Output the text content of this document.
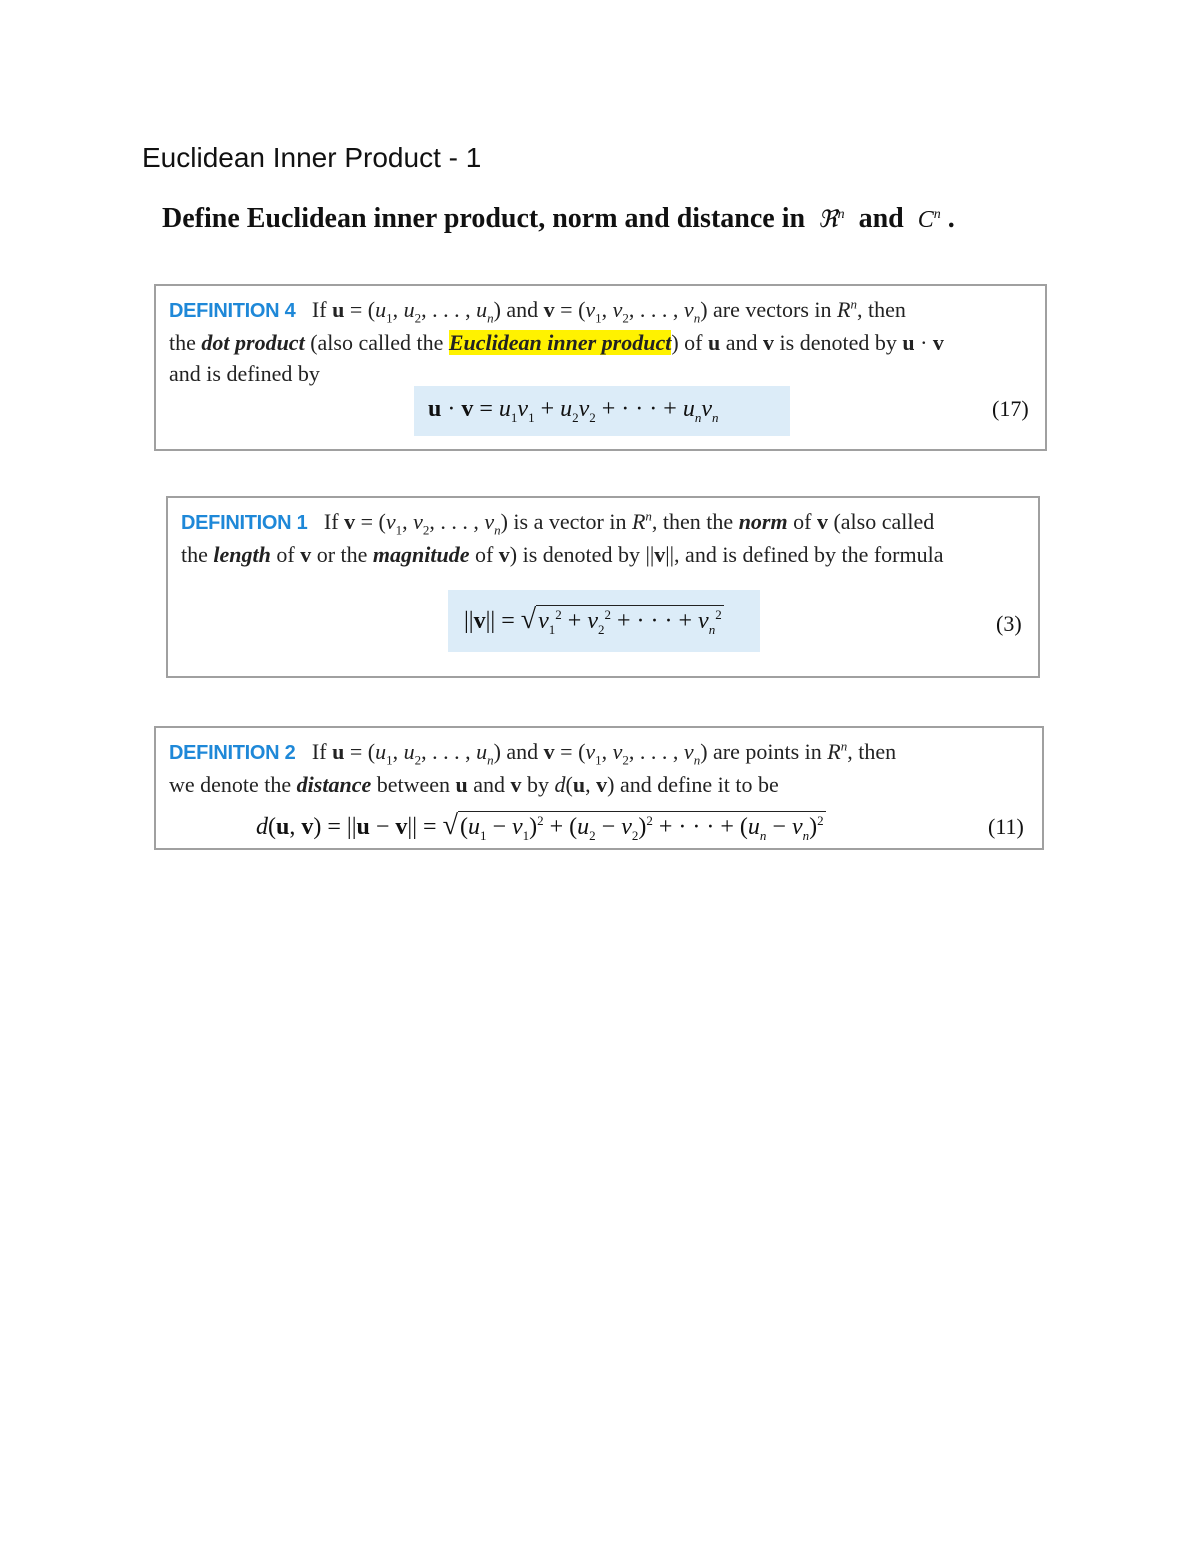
Euclidean Inner Product - 1
Define Euclidean inner product, norm and distance in  ℜ$^n$ and $C^n$ .
DEFINITION 4   If $u = (u_1$, $u_2$, . . . , $u_n$) and $v = (v_1$, $v_2$, . . . , $v_n$) are vectors in $R^n$, then
the dot product (also called the Euclidean inner product) of u and v is denoted by u · v
and is defined by
$u \cdot v = u_1v_1 + u_2v_2$ + · · · + $u_nv_n$	(17)
DEFINITION 1   If $v = (v_1$, $v_2$, . . . , $v_n$) is a vector in $R^n$, then the norm of v (also called
the length of v or the magnitude of v) is denoted by ||v||, and is defined by the formula
$||v|| = √v_1^2 + v_2^2$ + · · · + $v_n^2$	(3)
DEFINITION 2   If $u = (u_1$, $u_2$, . . . , $u_n$) and $v = (v_1$, $v_2$, . . . , $v_n$) are points in $R^n$, then
we denote the distance between u and v by d(u, v) and define it to be
d(u, $v) = ||u - v|| = √(u_1 - v_1)^2 + (u_2 - v_2)^2$ + · · · + $(u_n - v_n)^2$	(11)
